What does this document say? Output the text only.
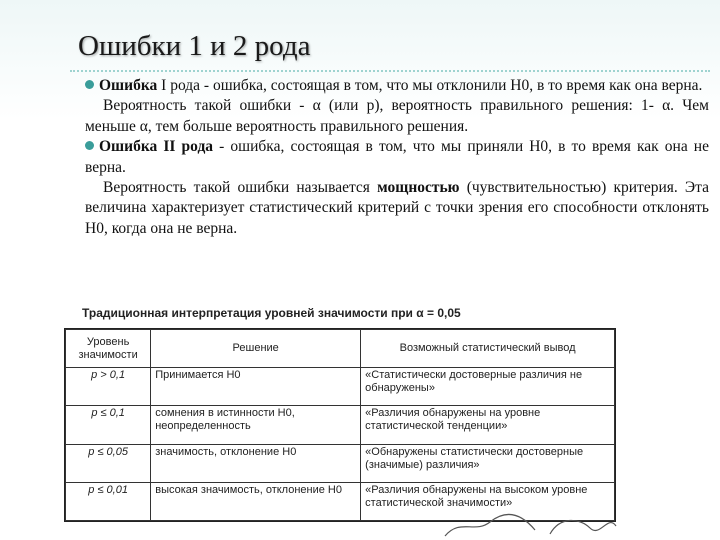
Ошибки 1 и 2 рода

Ошибка I рода - ошибка, состоящая в том, что мы отклонили H0, в то время как она верна.

Вероятность такой ошибки - α (или p), вероятность правильного решения: 1- α. Чем меньше α, тем больше вероятность правильного решения.

Ошибка II рода - ошибка, состоящая в том, что мы приняли H0, в то время как она не верна.

Вероятность такой ошибки называется мощностью (чувствительностью) критерия. Эта величина характеризует статистический критерий с точки зрения его способности отклонять H0, когда она не верна.

Традиционная интерпретация уровней значимости при α = 0,05
Уровень значимости	Решение	Возможный статистический вывод

p > 0,1	Принимается H0	«Статистически достоверные различия не обнаружены»

p ≤ 0,1	сомнения в истинности H0, неопределенность	«Различия обнаружены на уровне статистической тенденции»

p ≤ 0,05	значимость, отклонение H0	«Обнаружены статистически достоверные (значимые) различия»

p ≤ 0,01	высокая значимость, отклонение H0	«Различия обнаружены на высоком уровне статистической значимости»
